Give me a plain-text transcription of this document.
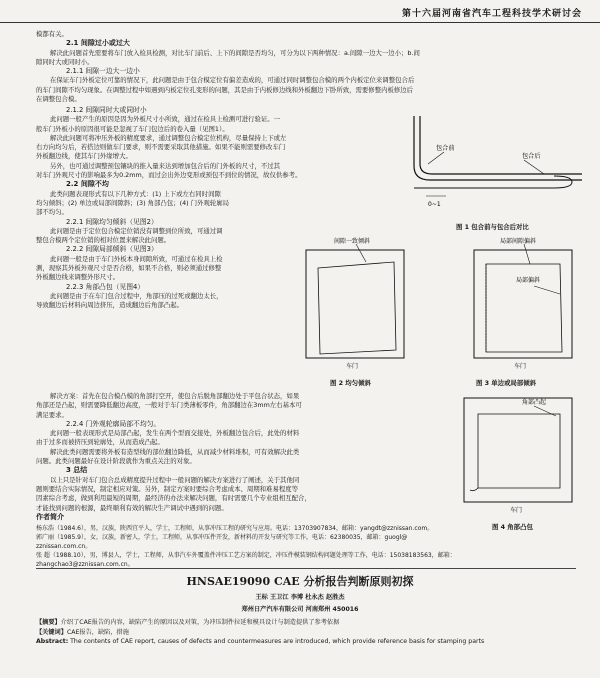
第十六届河南省汽车工程科技学术研讨会

模都有关。

2.1 间隙过小或过大

解决此问题首先需要将车门放入检具检测，对比车门前后、上下的间隙是否均匀，可分为以下两种情况：a.间隙一边大一边小；b.间

隙同时大或同时小。

2.1.1 间隙一边大一边小

在保证车门外板定位可靠的情况下，此问题是由于包合模定位有偏差造成的，可通过同时调整包合模的两个内板定位来调整包合后

的车门间隙不均匀现象。在调整过程中如遇到内板定位孔变形的问题，其是由于内板修边线和外板翻边下卧所致，需要修整内板修边后

在调整包合模。

2.1.2 间隙同时大或同时小

此问题一般产生的原因是因为外板尺寸小所致，通过在检具上检测可进行验证。一

般车门外板小的原因很可能是忽视了车门包边后的卷入量（见图1）。

解决此问题可将冲压外板的精度要求，通过调整包合模定位机构，尽量保持上下或左

右方向均匀后，若搭边则做车门要求，则不需要采取其他措施。如果不能则需要修改车门

外板翻边线，使其车门外缘增大。

另外，也可通过调整预包镶块的推入量来达到增加包合后的门外板的尺寸，不过其

对车门外观尺寸的影响最多为0.2mm，而过会出外边变形或预包不到位的情况，故仅供参考。

2.2 间隙不均

此类问题表现形式有以下几种方式：(1) 上下或左右同时间隙

均匀倾斜；(2) 单边或局部间隙斜；(3) 角部凸包；(4) 门外观轮廓局

部不均匀。

2.2.1 间隙均匀倾斜（见图2）

此问题是由于定位包合模定位销没有调整到位所致，可通过调

整包合模两个定位销的相对位置来解决此问题。

2.2.2 间隙局部倾斜（见图3）

此问题一般是由于车门外板本身间隙所致，可通过在检具上检

测，现察其外板外观尺寸是否合格，如果不合格，则必须通过修整

外板翻边线来调整外形尺寸。

2.2.3 角部凸包（见图4）

此问题是由于在车门包合过程中，角部压的过死或翻边太长，

导致翻边后材料向周边挤压，造成翻边后角部凸起。

包合前
包合后
0~1
图 1 包合前与包合后对比
间隙一致倾斜
车门
图 2 均匀倾斜
局部间隙偏斜
局部偏斜
车门
图 3 单边或局部倾斜
角部凸起
车门
图 4 角部凸包

解决方案：首先在包合模凸模的角部打空开，使包合后脱角部翻边处于平包合状态，如果

角部还是凸起，则需要降低翻边高度，一般对于车门类薄板零件，角部翻边在3mm左右基本可

满足要求。

2.2.4 门外观轮廓局部不均匀。

此问题一般表现形式是局部凸起，发生在两个型面交接处，外板翻边包合后，此处的材料

由于过多而被挤压到轮廓处，从而造成凸起。

解决此类问题需要将外板有造型线的部位翻边降低，从而减少材料堆积，可有效解决此类

问题。此类问题最好在设计阶段就作为重点关注的对象。

3 总结

以上只是针对车门包合总成精度提升过程中一般问题的解决方案进行了阐述，关于其他同

题则要结合实际情况，制定相应对策。另外，制定方案时要综合考虑成本、周期和难易程度等

因素综合考虑，做到利用最短的周期，最经济的办法来解决问题，有时需要几个专业组相互配合，

才能找到问题的根源，最终顺利有效的解决生产调试中遇到的问题。

作者简介

杨东浩（1984.6），男，汉族，陕西宜平人，学士，工程师，从事冲压工程的研究与应用。电话：13703907834，邮箱：yangdt@zznissan.com。

郭广丽（1985.9），女，汉族，新密人，学士，工程师，从事冲压件开发，新材料的开发与研究等工作，电话：62380035，邮箱：guogl@

zznissan.com.cn。

张 超（1988.10），男，博县人，学士，工程师，从事汽车外覆盖件冲压工艺方案的制定，冲压件模装钢结构问题处理等工作，电话：15038183563，邮箱：

zhangchao3@zznissan.com.cn。

HNSAE19090 CAE 分析报告判断原则初探
王标 王卫江 李博 杜永杰 赵胜杰
郑州日产汽车有限公司 河南郑州 450016

【摘要】介绍了CAE报告的内容，缺陷产生的原因以及对策，为冲压制件拉延和模具设计与制造提供了参考依据

【关键词】CAE报告，缺陷，措施

Abstract: The contents of CAE report, causes of defects and countermeasures are introduced, which provide reference basis for stamping parts
